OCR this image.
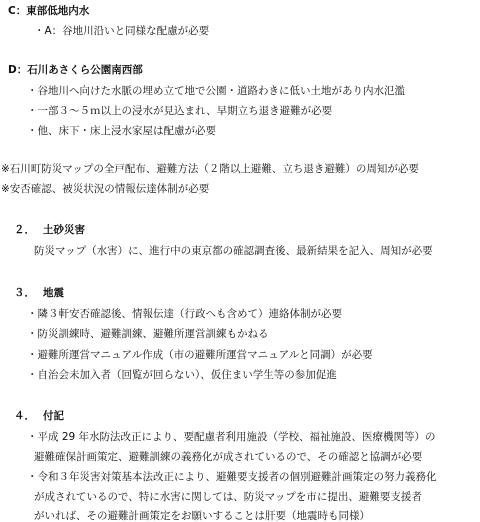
C：東部低地内水
・A：谷地川沿いと同様な配慮が必要
D：石川あさくら公園南西部
・谷地川へ向けた水脈の埋め立て地で公園・道路わきに低い土地があり内水氾濫
・一部３～５ｍ以上の浸水が見込まれ、早期立ち退き避難が必要
・他、床下・床上浸水家屋は配慮が必要
※石川町防災マップの全戸配布、避難方法（２階以上避難、立ち退き避難）の周知が必要
※安否確認、被災状況の情報伝達体制が必要
２． 土砂災害
防災マップ（水害）に、進行中の東京都の確認調査後、最新結果を記入、周知が必要
３． 地震
・隣３軒安否確認後、情報伝達（行政へも含めて）連絡体制が必要
・防災訓練時、避難訓練、避難所運営訓練もかねる
・避難所運営マニュアル作成（市の避難所運営マニュアルと同調）が必要
・自治会未加入者（回覧が回らない）、仮住まい学生等の参加促進
４． 付記
・平成 29 年水防法改正により、要配慮者利用施設（学校、福祉施設、医療機関等）の
避難確保計画策定、避難訓練の義務化が成されているので、その確認と協調が必要
・令和３年災害対策基本法改正により、避難要支援者の個別避難計画策定の努力義務化
が成されているので、特に水害に関しては、防災マップを市に提出、避難要支援者
がいれば、その避難計画策定をお願いすることは肝要（地震時も同様）
